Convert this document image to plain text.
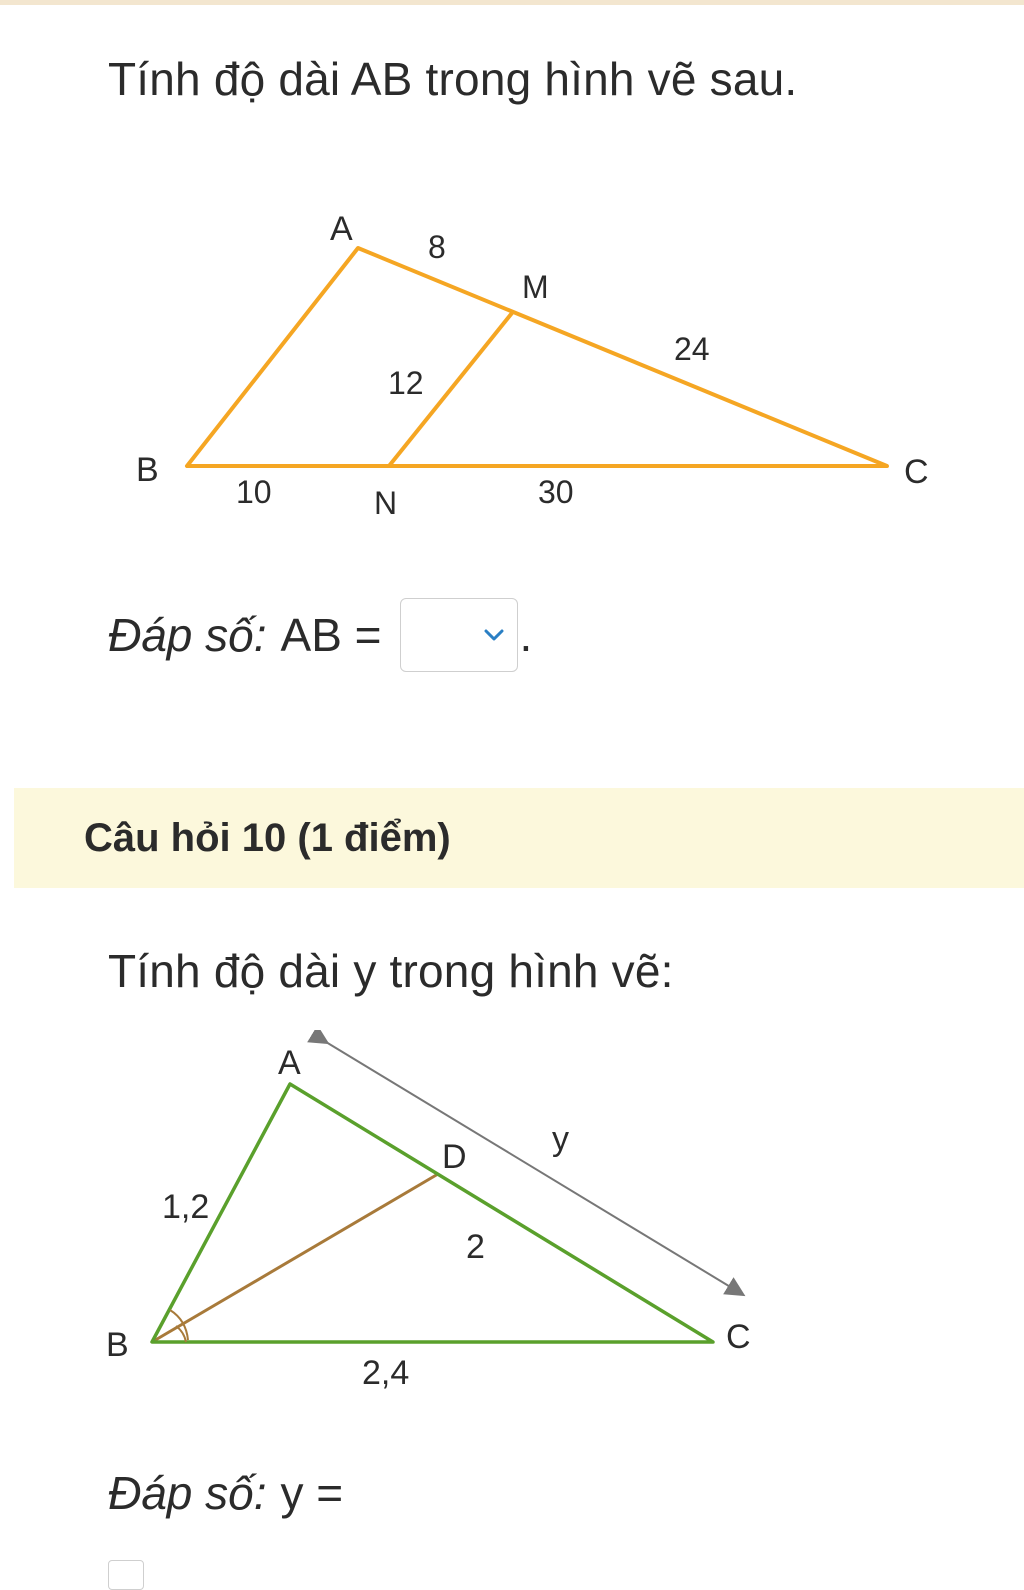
Tính độ dài AB trong hình vẽ sau.
A
B	C
M
N
8
24
12
10	30
Đáp số: AB =	.
Câu hỏi 10 (1 điểm)
Tính độ dài y trong hình vẽ:
A
B	C
D
1,2
2
2,4
y
Đáp số: y =
